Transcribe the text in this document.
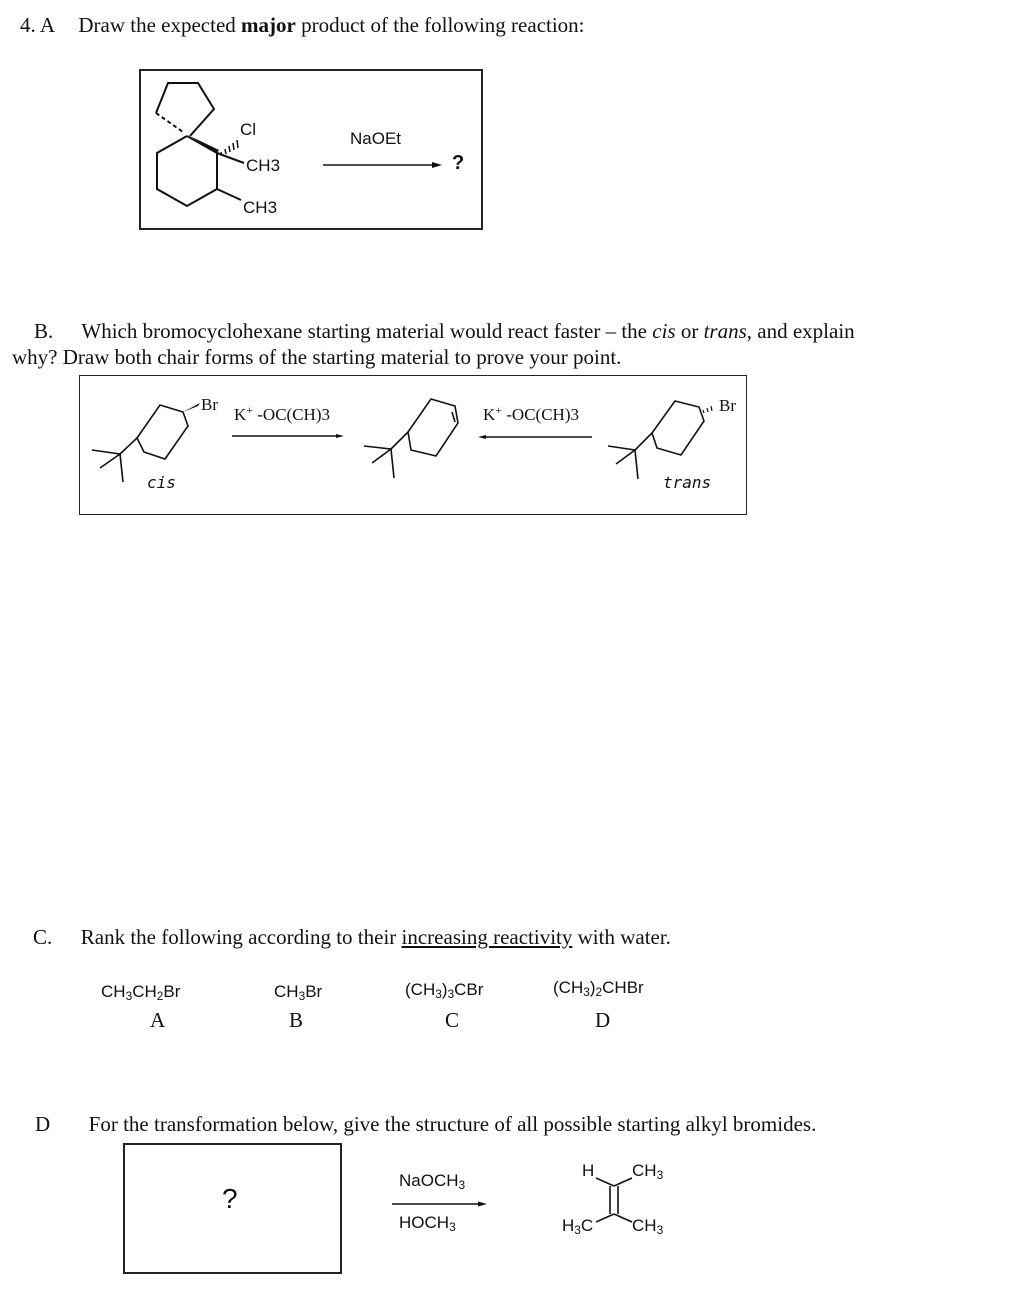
4. A Draw the expected major product of the following reaction:
Cl
CH3
CH3
NaOEt
?
B. Which bromocyclohexane starting material would react faster – the cis or trans, and explain
why? Draw both chair forms of the starting material to prove your point.
Br	Br
K+ -OC(CH)3	K+ -OC(CH)3
cis	trans
C. Rank the following according to their increasing reactivity with water.
$CH_3CH_2Br$
A
$CH_3Br$
B
$(CH_3)_3CBr$
C
$(CH_3)_2CHBr$
D
D For the transformation below, give the structure of all possible starting alkyl bromides.
?
NaOCH$_3$
$HOCH_3$
H $CH_3$
$H_3C$ $CH_3$
